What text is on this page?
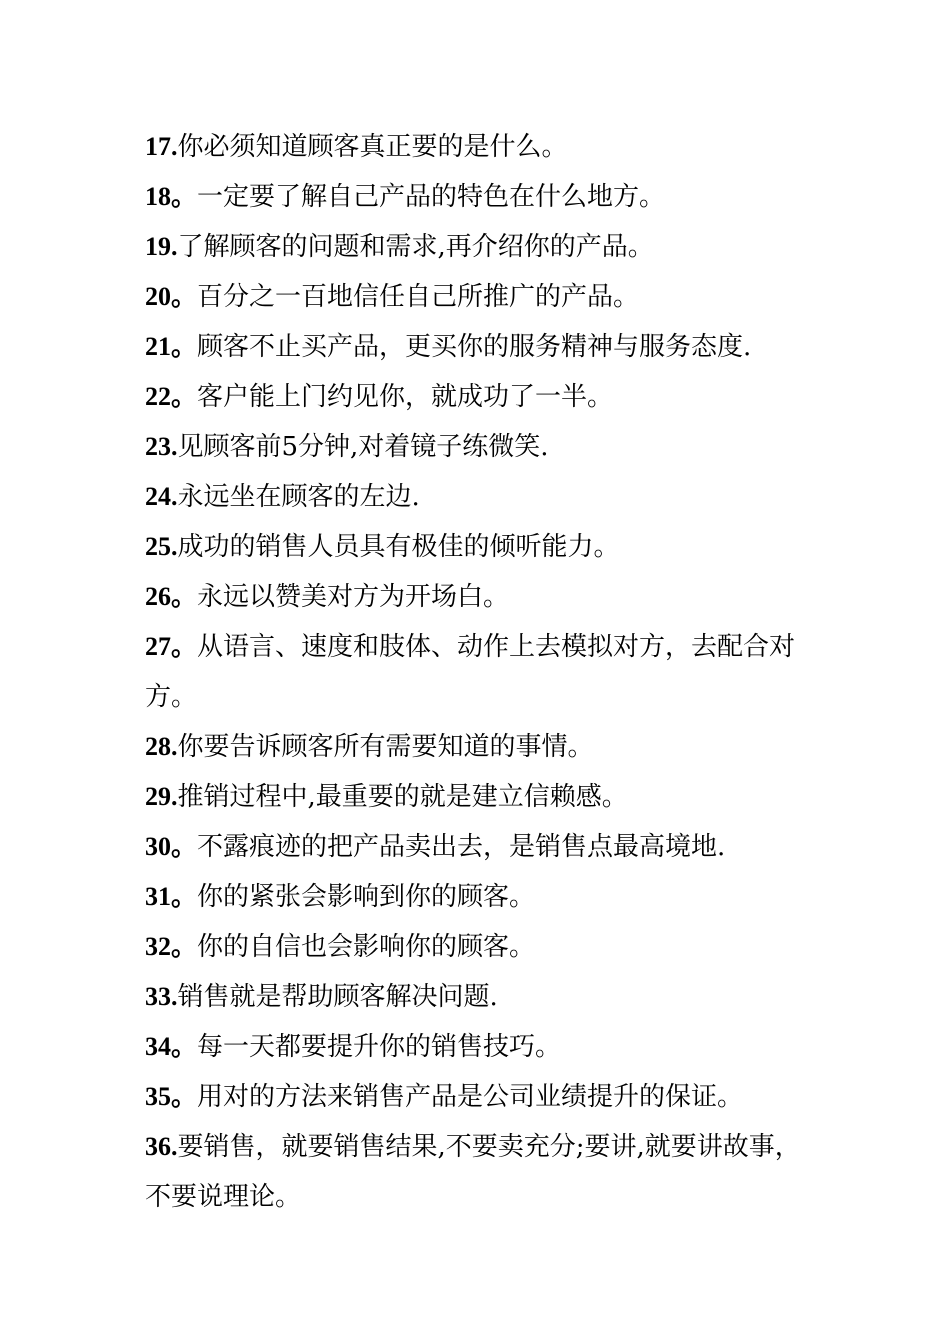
17.你必须知道顾客真正要的是什么。

18。一定要了解自己产品的特色在什么地方。

19.了解顾客的问题和需求,再介绍你的产品。

20。百分之一百地信任自己所推广的产品。

21。顾客不止买产品，更买你的服务精神与服务态度.

22。客户能上门约见你，就成功了一半。

23.见顾客前5分钟,对着镜子练微笑.

24.永远坐在顾客的左边.

25.成功的销售人员具有极佳的倾听能力。

26。永远以赞美对方为开场白。

27。从语言、速度和肢体、动作上去模拟对方，去配合对方。

28.你要告诉顾客所有需要知道的事情。

29.推销过程中,最重要的就是建立信赖感。

30。不露痕迹的把产品卖出去，是销售点最高境地.

31。你的紧张会影响到你的顾客。

32。你的自信也会影响你的顾客。

33.销售就是帮助顾客解决问题.

34。每一天都要提升你的销售技巧。

35。用对的方法来销售产品是公司业绩提升的保证。

36.要销售，就要销售结果,不要卖充分;要讲,就要讲故事，不要说理论。
